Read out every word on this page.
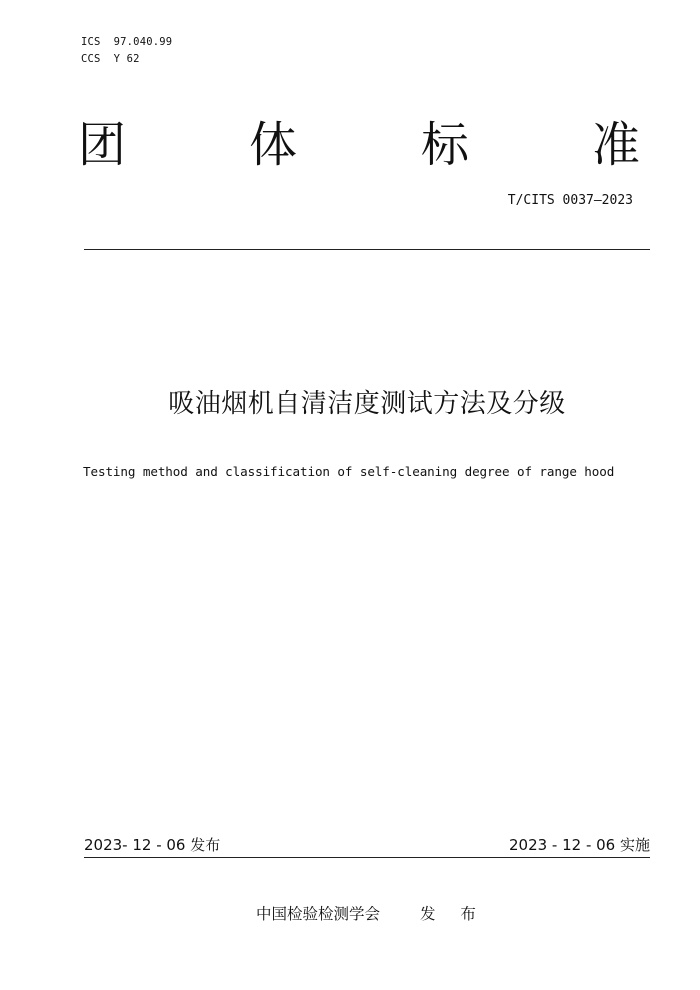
ICS  97.040.99
CCS  Y 62
团	体	标	准
T/CITS 0037—2023
吸油烟机自清洁度测试方法及分级
Testing method and classification of self-cleaning degree of range hood
2023- 12 - 06 发布	2023 - 12 - 06 实施
中国检验检测学会	发 布
